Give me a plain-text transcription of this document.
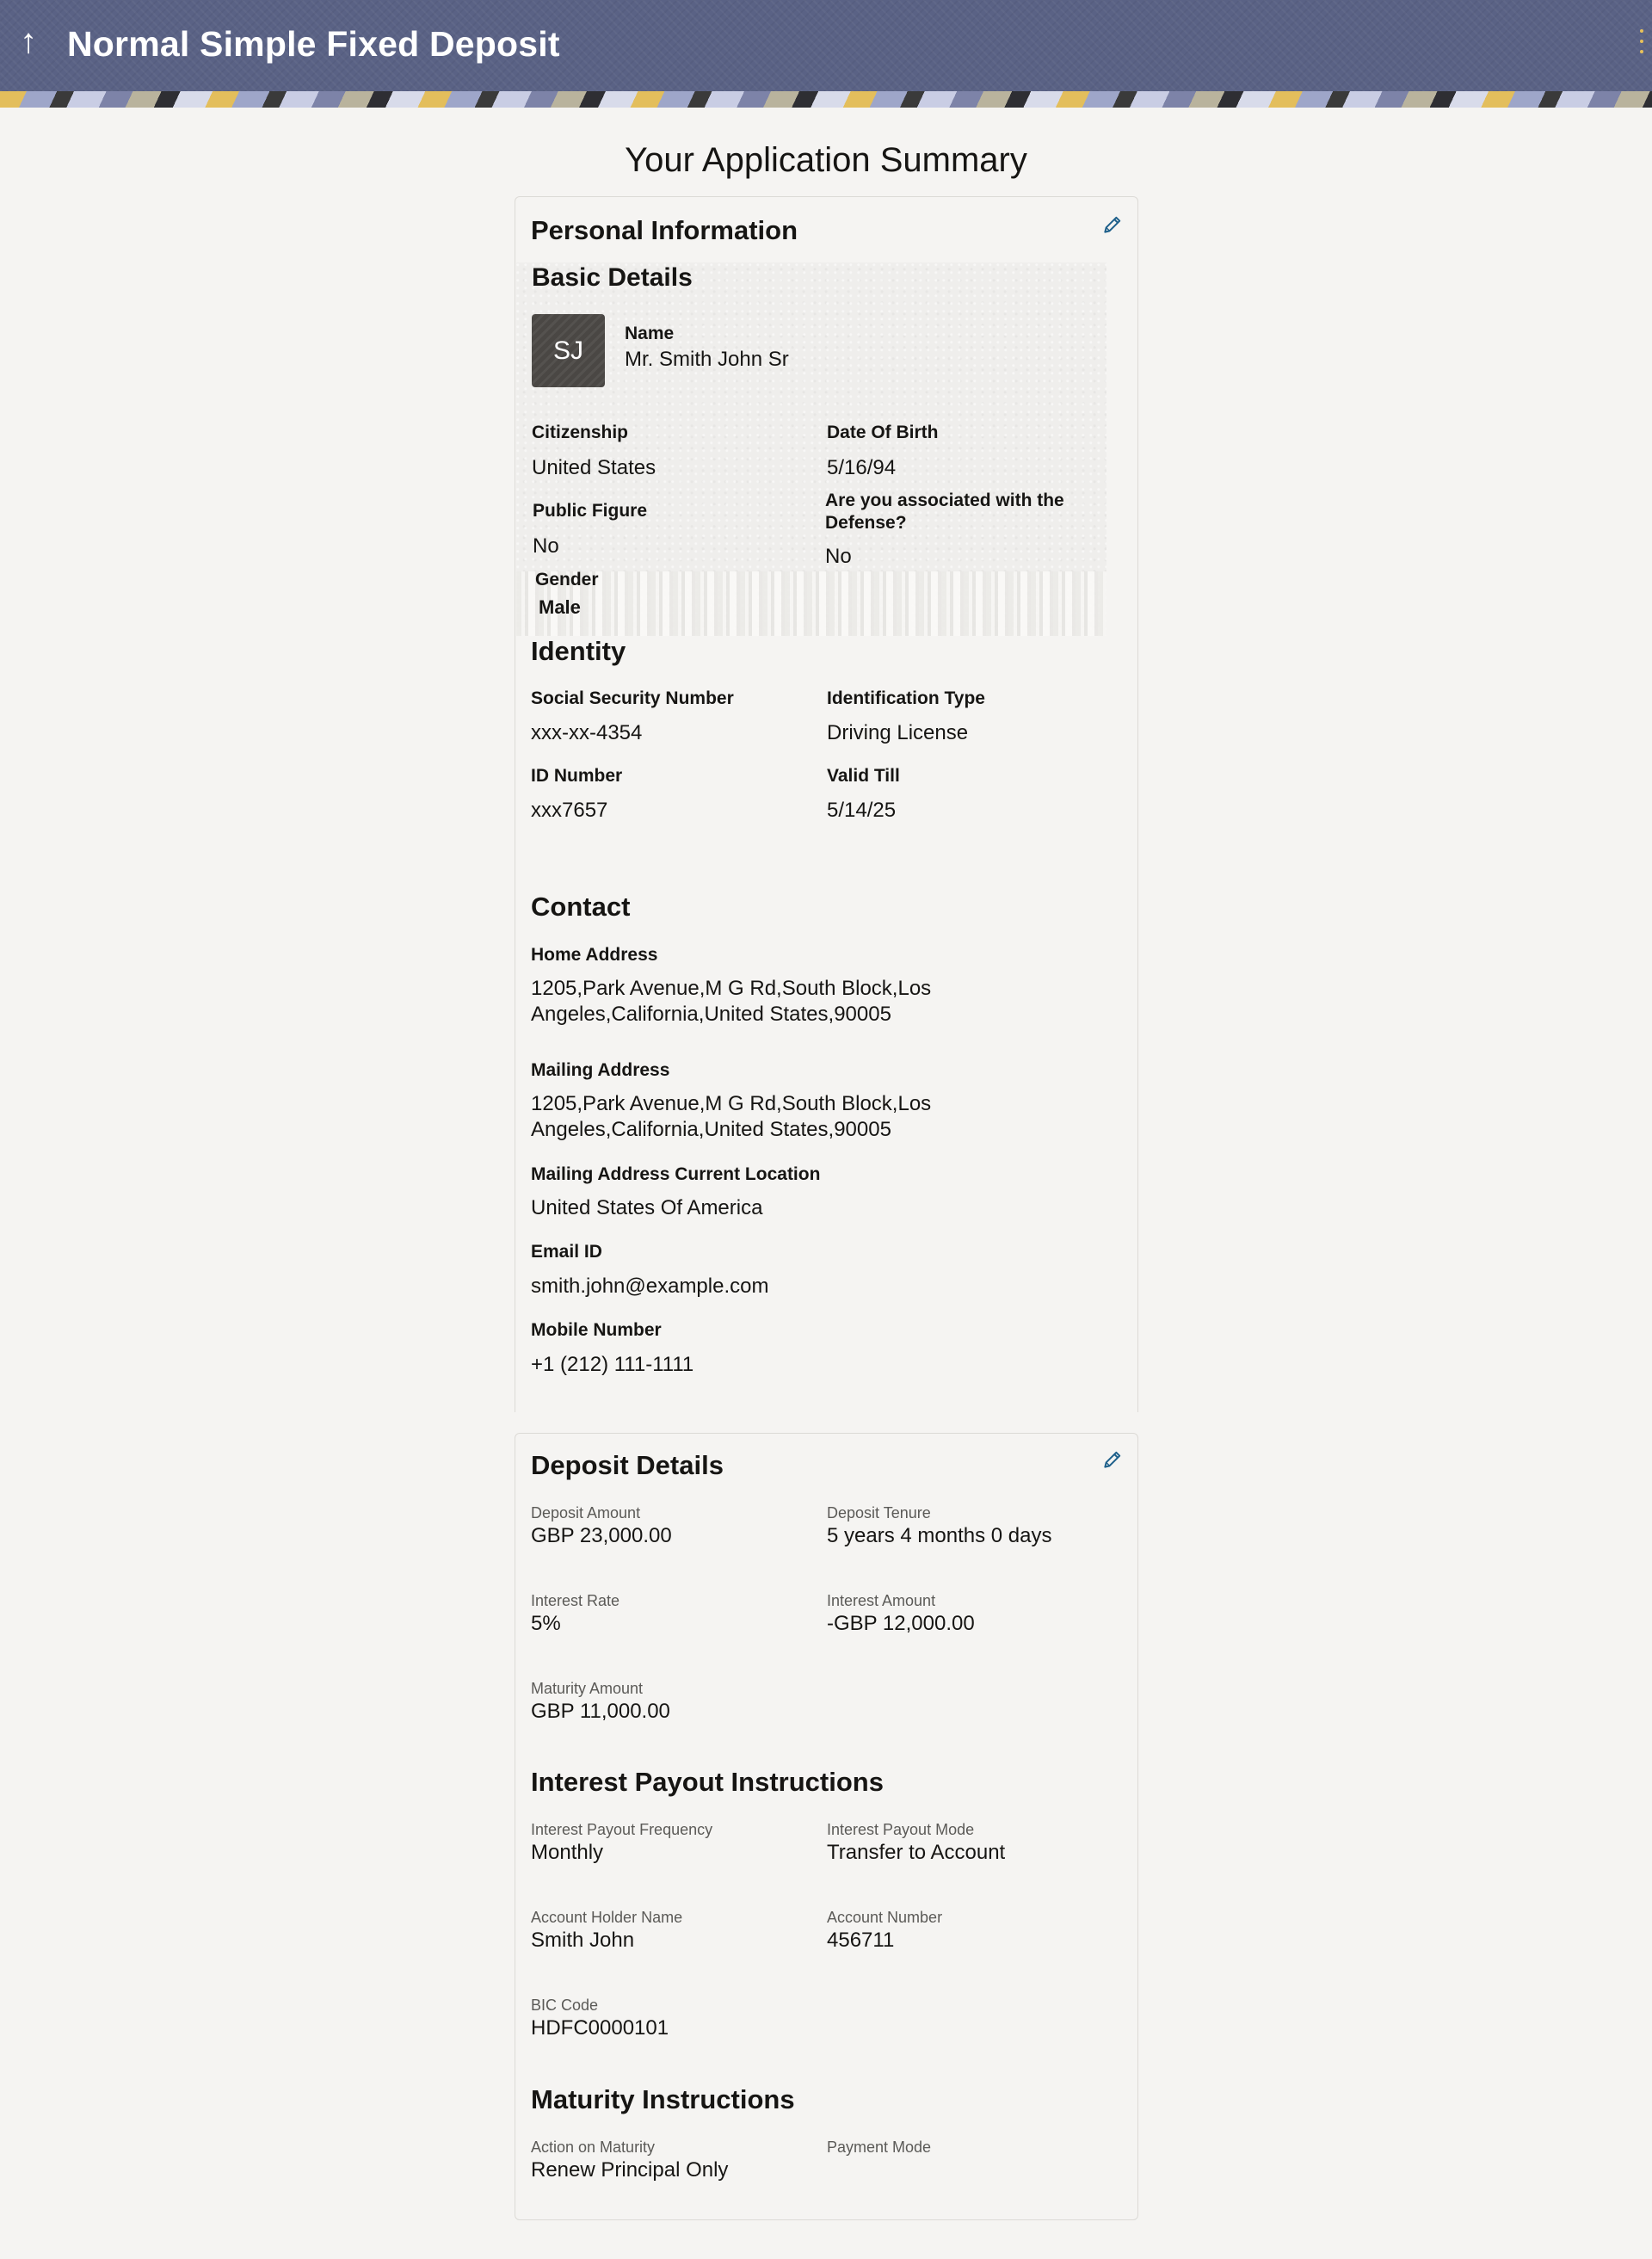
↑ Normal Simple Fixed Deposit
Your Application Summary
Personal Information
Basic Details
SJ
Name
Mr. Smith John Sr
Citizenship
United States
Date Of Birth
5/16/94
Public Figure
No
Are you associated with the Defense?
No
Gender
Male
Identity
Social Security Number
xxx-xx-4354
Identification Type
Driving License
ID Number
xxx7657
Valid Till
5/14/25
Contact
Home Address
1205,Park Avenue,M G Rd,South Block,Los
Angeles,California,United States,90005
Mailing Address
1205,Park Avenue,M G Rd,South Block,Los
Angeles,California,United States,90005
Mailing Address Current Location
United States Of America
Email ID
smith.john@example.com
Mobile Number
+1 (212) 111-1111
Deposit Details
Deposit Amount
GBP 23,000.00
Deposit Tenure
5 years 4 months 0 days
Interest Rate
5%
Interest Amount
-GBP 12,000.00
Maturity Amount
GBP 11,000.00
Interest Payout Instructions
Interest Payout Frequency
Monthly
Interest Payout Mode
Transfer to Account
Account Holder Name
Smith John
Account Number
456711
BIC Code
HDFC0000101
Maturity Instructions
Action on Maturity
Renew Principal Only
Payment Mode
